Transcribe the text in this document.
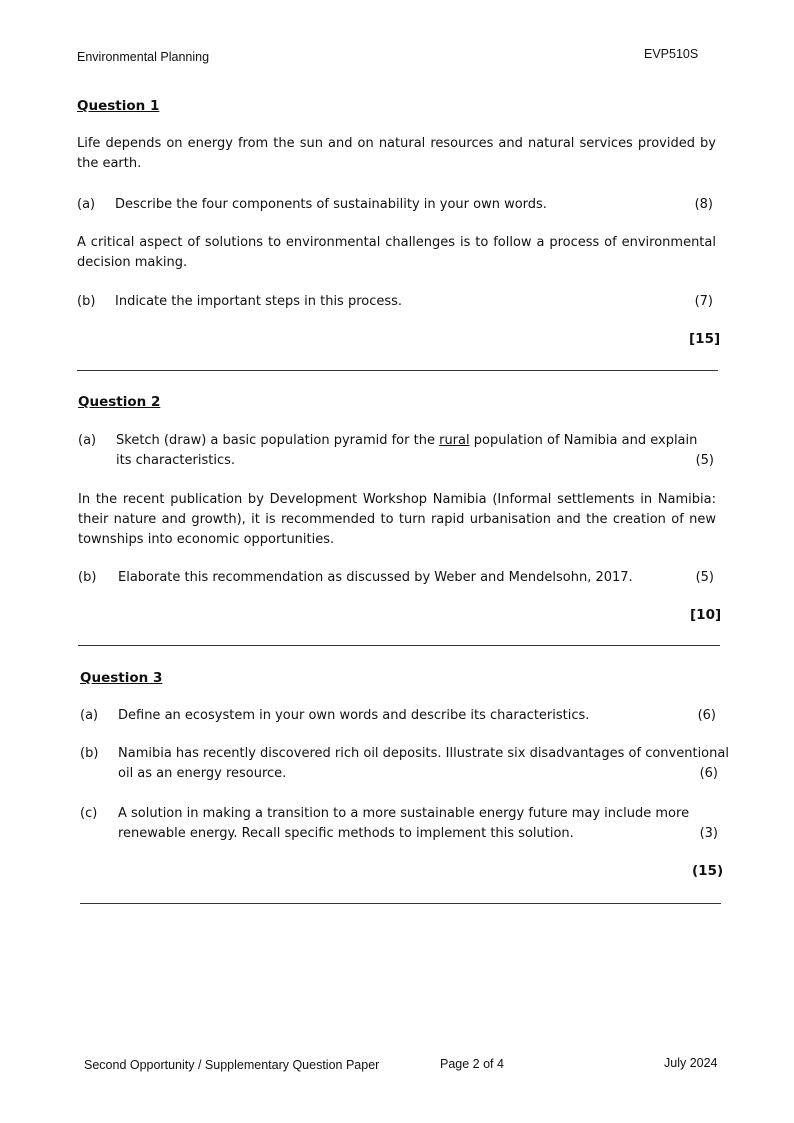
Environmental Planning	EVP510S
Question 1
Life depends on energy from the sun and on natural resources and natural services provided by the earth.
(a) Describe the four components of sustainability in your own words.	(8)
A critical aspect of solutions to environmental challenges is to follow a process of environmental decision making.
(b) Indicate the important steps in this process.	(7)
[15]
Question 2
(a) Sketch (draw) a basic population pyramid for the rural population of Namibia and explain
its characteristics.	(5)
In the recent publication by Development Workshop Namibia (Informal settlements in Namibia: their nature and growth), it is recommended to turn rapid urbanisation and the creation of new townships into economic opportunities.
(b) Elaborate this recommendation as discussed by Weber and Mendelsohn, 2017.	(5)
[10]
Question 3
(a) Define an ecosystem in your own words and describe its characteristics.	(6)
(b) Namibia has recently discovered rich oil deposits. Illustrate six disadvantages of conventional
oil as an energy resource.	(6)
(c) A solution in making a transition to a more sustainable energy future may include more
renewable energy. Recall specific methods to implement this solution.	(3)
(15)
Second Opportunity / Supplementary Question Paper	Page 2 of 4	July 2024
